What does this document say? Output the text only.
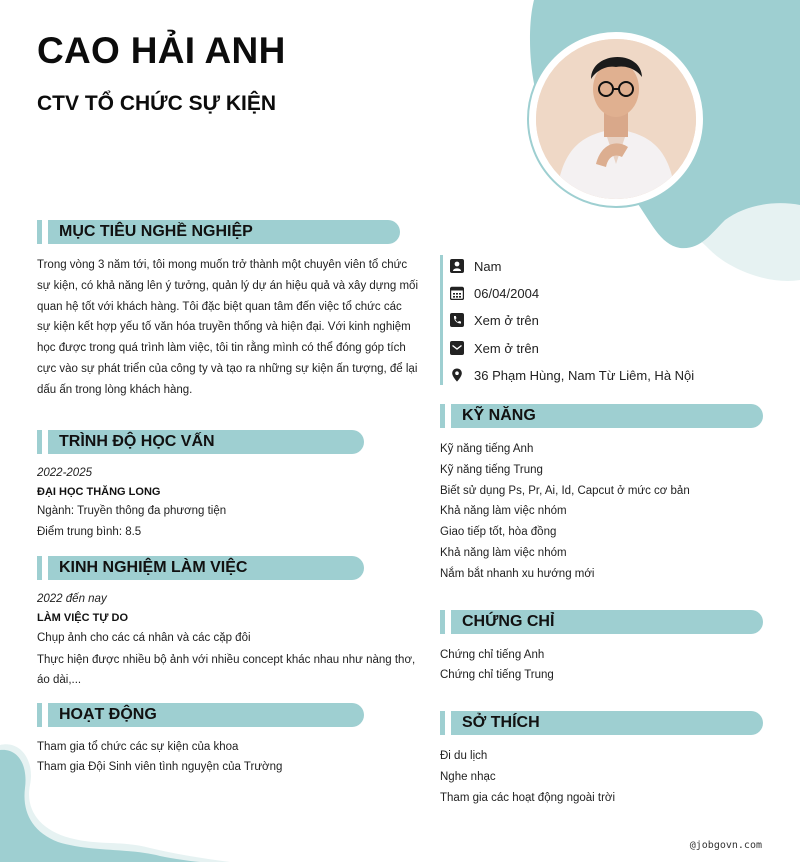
CAO HẢI ANH
CTV TỔ CHỨC SỰ KIỆN
MỤC TIÊU NGHỀ NGHIỆP
Trong vòng 3 năm tới, tôi mong muốn trở thành một chuyên viên tổ chức
sự kiện, có khả năng lên ý tưởng, quản lý dự án hiệu quả và xây dựng mối
quan hệ tốt với khách hàng. Tôi đặc biệt quan tâm đến việc tổ chức các
sự kiện kết hợp yếu tố văn hóa truyền thống và hiện đại. Với kinh nghiệm
học được trong quá trình làm việc, tôi tin rằng mình có thể đóng góp tích
cực vào sự phát triển của công ty và tạo ra những sự kiện ấn tượng, để lại
dấu ấn trong lòng khách hàng.
TRÌNH ĐỘ HỌC VẤN
2022-2025
ĐẠI HỌC THĂNG LONG
Ngành: Truyền thông đa phương tiện
Điểm trung bình: 8.5
KINH NGHIỆM LÀM VIỆC
2022 đến nay
LÀM VIỆC TỰ DO
Chụp ảnh cho các cá nhân và các cặp đôi
Thực hiện được nhiều bộ ảnh với nhiều concept khác nhau như nàng thơ,
áo dài,...
HOẠT ĐỘNG
Tham gia tổ chức các sự kiện của khoa
Tham gia Đội Sinh viên tình nguyện của Trường
Nam
06/04/2004
Xem ở trên
Xem ở trên
36 Phạm Hùng, Nam Từ Liêm, Hà Nội
KỸ NĂNG
Kỹ năng tiếng Anh
Kỹ năng tiếng Trung
Biết sử dụng Ps, Pr, Ai, Id, Capcut ở mức cơ bản
Khả năng làm việc nhóm
Giao tiếp tốt, hòa đồng
Khả năng làm việc nhóm
Nắm bắt nhanh xu hướng mới
CHỨNG CHỈ
Chứng chỉ tiếng Anh
Chứng chỉ tiếng Trung
SỞ THÍCH
Đi du lịch
Nghe nhạc
Tham gia các hoạt động ngoài trời
@jobgovn.com
